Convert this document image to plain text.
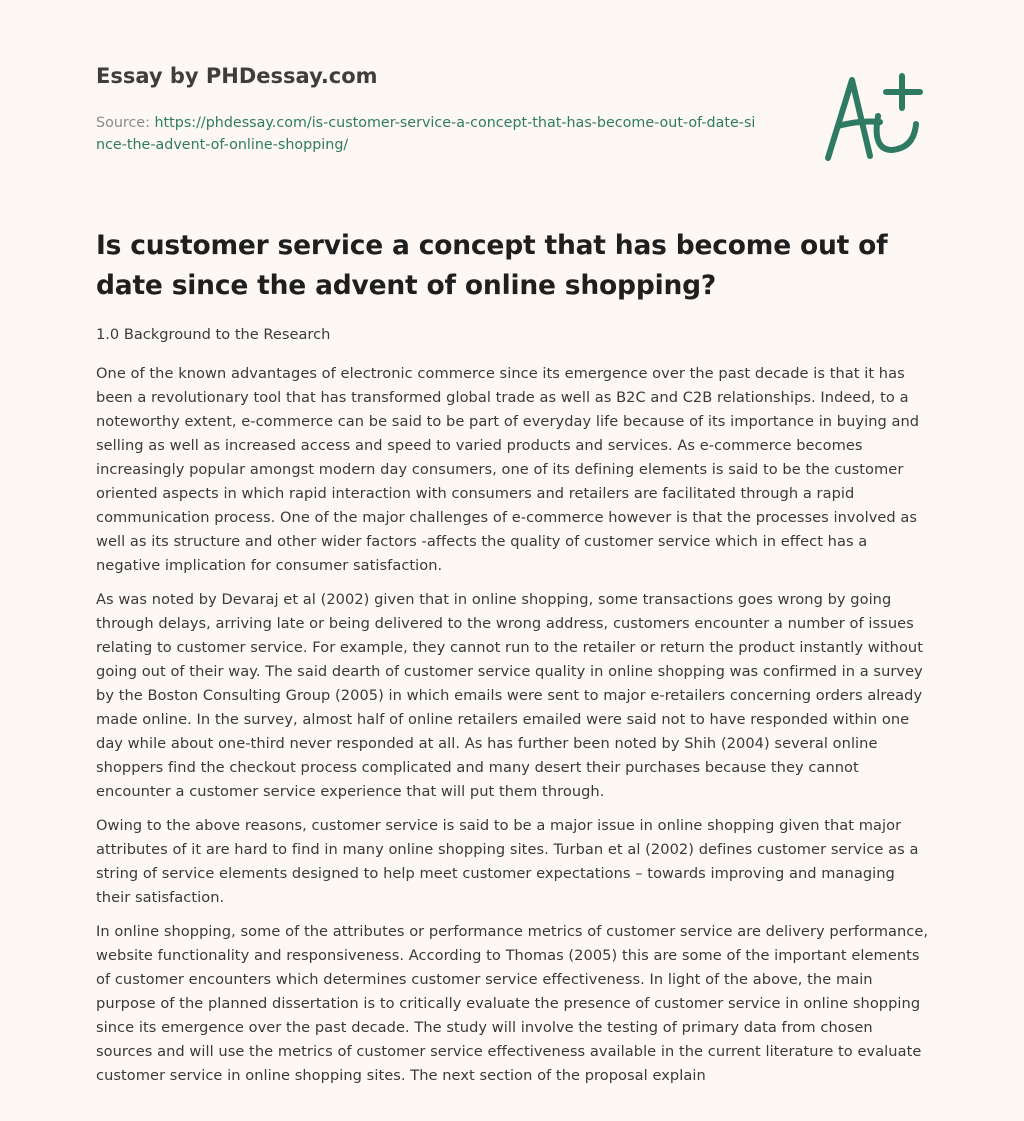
Essay by PHDessay.com
Source: https://phdessay.com/is-customer-service-a-concept-that-has-become-out-of-date-since-the-advent-of-online-shopping/
Is customer service a concept that has become out of date since the advent of online shopping?

1.0 Background to the Research

One of the known advantages of electronic commerce since its emergence over the past decade is that it has been a revolutionary tool that has transformed global trade as well as B2C and C2B relationships. Indeed, to a noteworthy extent, e-commerce can be said to be part of everyday life because of its importance in buying and selling as well as increased access and speed to varied products and services. As e-commerce becomes increasingly popular amongst modern day consumers, one of its defining elements is said to be the customer oriented aspects in which rapid interaction with consumers and retailers are facilitated through a rapid communication process. One of the major challenges of e-commerce however is that the processes involved as well as its structure and other wider factors -affects the quality of customer service which in effect has a negative implication for consumer satisfaction.

As was noted by Devaraj et al (2002) given that in online shopping, some transactions goes wrong by going through delays, arriving late or being delivered to the wrong address, customers encounter a number of issues relating to customer service. For example, they cannot run to the retailer or return the product instantly without going out of their way. The said dearth of customer service quality in online shopping was confirmed in a survey by the Boston Consulting Group (2005) in which emails were sent to major e-retailers concerning orders already made online. In the survey, almost half of online retailers emailed were said not to have responded within one day while about one-third never responded at all. As has further been noted by Shih (2004) several online shoppers find the checkout process complicated and many desert their purchases because they cannot encounter a customer service experience that will put them through.

Owing to the above reasons, customer service is said to be a major issue in online shopping given that major attributes of it are hard to find in many online shopping sites. Turban et al (2002) defines customer service as a string of service elements designed to help meet customer expectations – towards improving and managing their satisfaction.

In online shopping, some of the attributes or performance metrics of customer service are delivery performance, website functionality and responsiveness. According to Thomas (2005) this are some of the important elements of customer encounters which determines customer service effectiveness. In light of the above, the main purpose of the planned dissertation is to critically evaluate the presence of customer service in online shopping since its emergence over the past decade. The study will involve the testing of primary data from chosen sources and will use the metrics of customer service effectiveness available in the current literature to evaluate customer service in online shopping sites. The next section of the proposal explain
